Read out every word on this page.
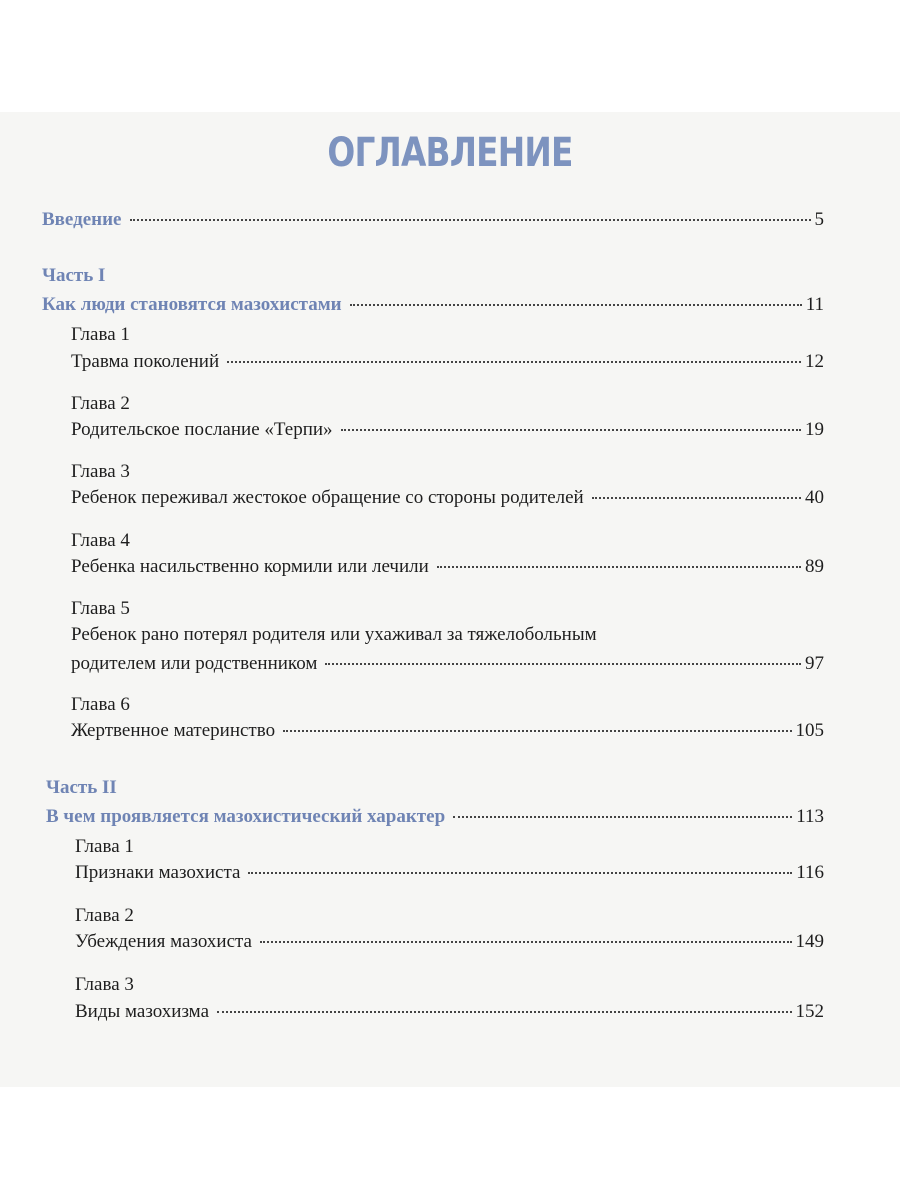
ОГЛАВЛЕНИЕ
Введение	5
Часть I
Как люди становятся мазохистами	11
Глава 1
Травма поколений	12
Глава 2
Родительское послание «Терпи»	19
Глава 3
Ребенок переживал жестокое обращение со стороны родителей	40
Глава 4
Ребенка насильственно кормили или лечили	89
Глава 5
Ребенок рано потерял родителя или ухаживал за тяжелобольным
родителем или родственником	97
Глава 6
Жертвенное материнство	105
Часть II
В чем проявляется мазохистический характер	113
Глава 1
Признаки мазохиста	116
Глава 2
Убеждения мазохиста	149
Глава 3
Виды мазохизма	152
